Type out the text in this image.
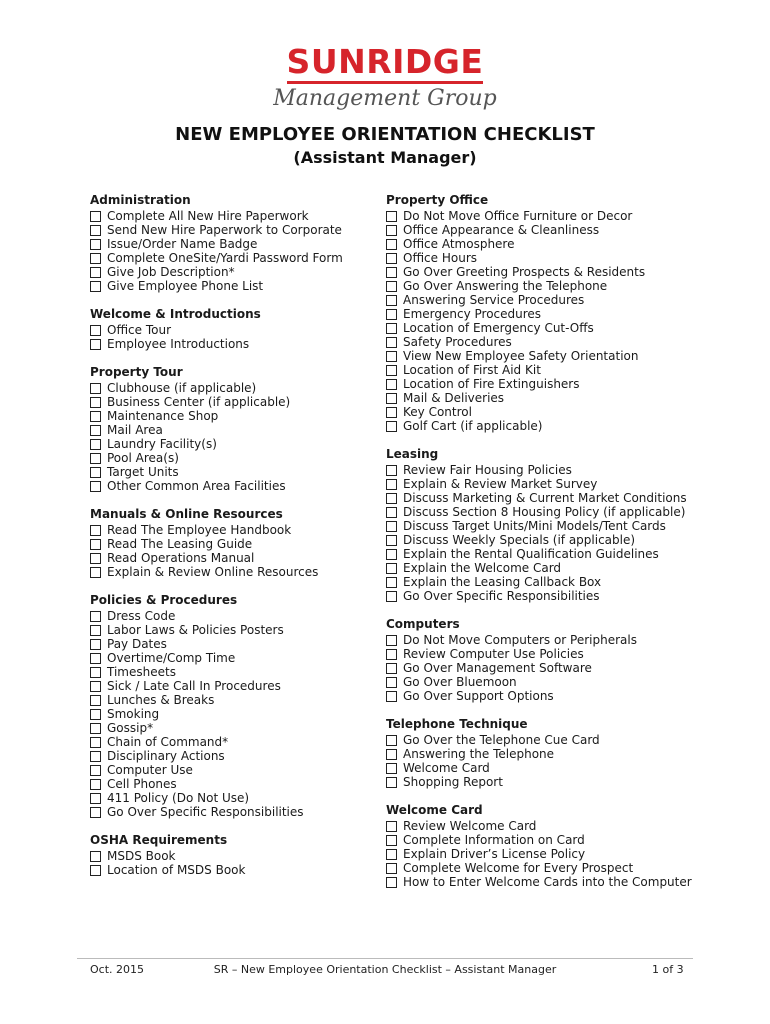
SUNRIDGE
Management Group
NEW EMPLOYEE ORIENTATION CHECKLIST
(Assistant Manager)
Administration
Complete All New Hire Paperwork
Send New Hire Paperwork to Corporate
Issue/Order Name Badge
Complete OneSite/Yardi Password Form
Give Job Description*
Give Employee Phone List
Welcome & Introductions
Office Tour
Employee Introductions
Property Tour
Clubhouse (if applicable)
Business Center (if applicable)
Maintenance Shop
Mail Area
Laundry Facility(s)
Pool Area(s)
Target Units
Other Common Area Facilities
Manuals & Online Resources
Read The Employee Handbook
Read The Leasing Guide
Read Operations Manual
Explain & Review Online Resources
Policies & Procedures
Dress Code
Labor Laws & Policies Posters
Pay Dates
Overtime/Comp Time
Timesheets
Sick / Late Call In Procedures
Lunches & Breaks
Smoking
Gossip*
Chain of Command*
Disciplinary Actions
Computer Use
Cell Phones
411 Policy (Do Not Use)
Go Over Specific Responsibilities
OSHA Requirements
MSDS Book
Location of MSDS Book
Property Office
Do Not Move Office Furniture or Decor
Office Appearance & Cleanliness
Office Atmosphere
Office Hours
Go Over Greeting Prospects & Residents
Go Over Answering the Telephone
Answering Service Procedures
Emergency Procedures
Location of Emergency Cut-Offs
Safety Procedures
View New Employee Safety Orientation
Location of First Aid Kit
Location of Fire Extinguishers
Mail & Deliveries
Key Control
Golf Cart (if applicable)
Leasing
Review Fair Housing Policies
Explain & Review Market Survey
Discuss Marketing & Current Market Conditions
Discuss Section 8 Housing Policy (if applicable)
Discuss Target Units/Mini Models/Tent Cards
Discuss Weekly Specials (if applicable)
Explain the Rental Qualification Guidelines
Explain the Welcome Card
Explain the Leasing Callback Box
Go Over Specific Responsibilities
Computers
Do Not Move Computers or Peripherals
Review Computer Use Policies
Go Over Management Software
Go Over Bluemoon
Go Over Support Options
Telephone Technique
Go Over the Telephone Cue Card
Answering the Telephone
Welcome Card
Shopping Report
Welcome Card
Review Welcome Card
Complete Information on Card
Explain Driver’s License Policy
Complete Welcome for Every Prospect
How to Enter Welcome Cards into the Computer
Oct. 2015	SR – New Employee Orientation Checklist – Assistant Manager	1 of 3
